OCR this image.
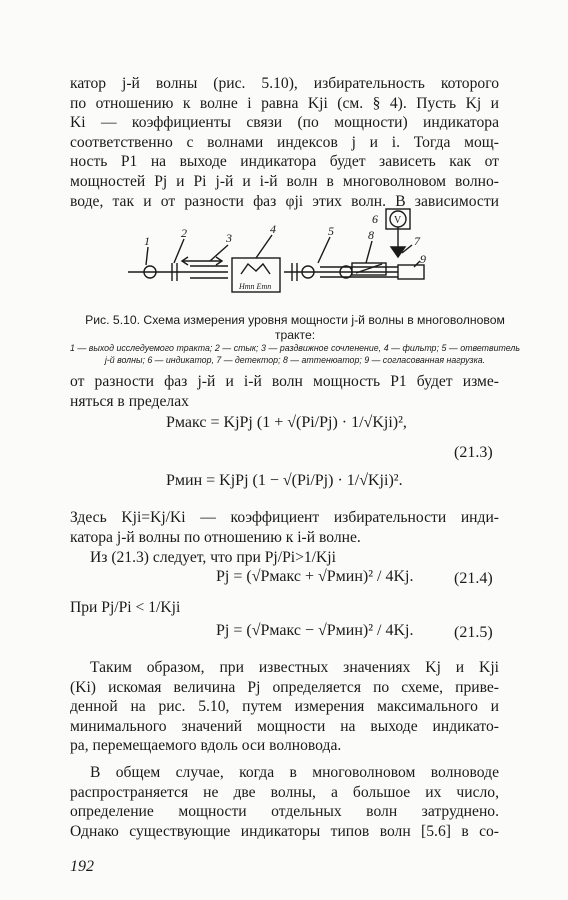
катор j-й волны (рис. 5.10), избирательность которого
по отношению к волне i равна Kji (см. § 4). Пусть Kj и
Ki — коэффициенты связи (по мощности) индикатора
соответственно с волнами индексов j и i. Тогда мощ-
ность P1 на выходе индикатора будет зависеть как от
мощностей Pj и Pi j-й и i-й волн в многоволновом волно-
воде, так и от разности фаз φji этих волн. В зависимости
1
2	3
4	5
6
7
8
9
Hmn Emn
V
Рис. 5.10. Схема измерения уровня мощности j-й волны в многоволновом тракте:
1 — выход исследуемого тракта; 2 — стык; 3 — раздвижное сочленение, 4 — фильтр; 5 — ответвитель j-й волны; 6 — индикатор, 7 — детектор; 8 — аттенюатор; 9 — согласованная нагрузка.
от разности фаз j-й и i-й волн мощность P1 будет изме-
няться в пределах
Pмакс = KjPj (1 + √(Pi/Pj) · 1/√Kji)²,
(21.3)
Pмин = KjPj (1 − √(Pi/Pj) · 1/√Kji)².
Здесь Kji=Kj/Ki — коэффициент избирательности инди-
катора j-й волны по отношению к i-й волне.
Из (21.3) следует, что при Pj/Pi>1/Kji
Pj = (√Pмакс + √Pмин)² / 4Kj.	(21.4)
При Pj/Pi < 1/Kji
Pj = (√Pмакс − √Pмин)² / 4Kj.	(21.5)
Таким образом, при известных значениях Kj и Kji
(Ki) искомая величина Pj определяется по схеме, приве-
денной на рис. 5.10, путем измерения максимального и
минимального значений мощности на выходе индикато-
ра, перемещаемого вдоль оси волновода.
В общем случае, когда в многоволновом волноводе
распространяется не две волны, а большое их число,
определение мощности отдельных волн затруднено.
Однако существующие индикаторы типов волн [5.6] в со-
192
